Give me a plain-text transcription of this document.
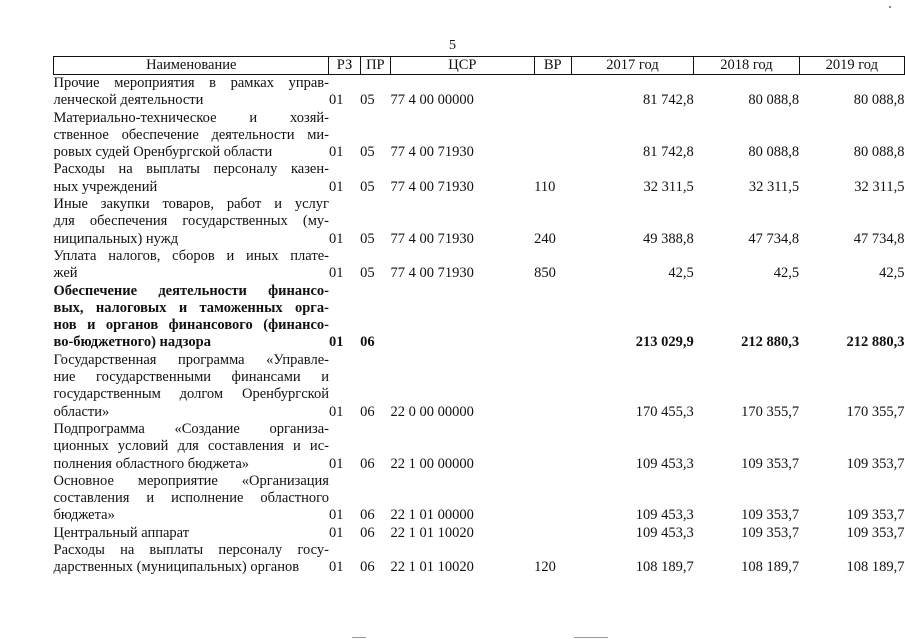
5
Наименование	РЗ	ПР	ЦСР	ВР	2017 год	2018 год	2019 год

Прочие мероприятия в рамках управ-
ленческой деятельности	01	05	77 4 00 00000		81 742,8	80 088,8	80 088,8

Материально-техническое и хозяй-
ственное обеспечение деятельности ми-
ровых судей Оренбургской области	01	05	77 4 00 71930		81 742,8	80 088,8	80 088,8

Расходы на выплаты персоналу казен-
ных учреждений	01	05	77 4 00 71930	110	32 311,5	32 311,5	32 311,5

Иные закупки товаров, работ и услуг
для обеспечения государственных (му-
ниципальных) нужд	01	05	77 4 00 71930	240	49 388,8	47 734,8	47 734,8

Уплата налогов, сборов и иных плате-
жей	01	05	77 4 00 71930	850	42,5	42,5	42,5

Обеспечение деятельности финансо-
вых, налоговых и таможенных орга-
нов и органов финансового (финансо-
во-бюджетного) надзора	01	06			213 029,9	212 880,3	212 880,3

Государственная программа «Управле-
ние государственными финансами и
государственным долгом Оренбургской
области»	01	06	22 0 00 00000		170 455,3	170 355,7	170 355,7

Подпрограмма «Создание организа-
ционных условий для составления и ис-
полнения областного бюджета»	01	06	22 1 00 00000		109 453,3	109 353,7	109 353,7

Основное мероприятие «Организация
составления и исполнение областного
бюджета»	01	06	22 1 01 00000		109 453,3	109 353,7	109 353,7

Центральный аппарат	01	06	22 1 01 10020		109 453,3	109 353,7	109 353,7

Расходы на выплаты персоналу госу-
дарственных (муниципальных) органов	01	06	22 1 01 10020	120	108 189,7	108 189,7	108 189,7
